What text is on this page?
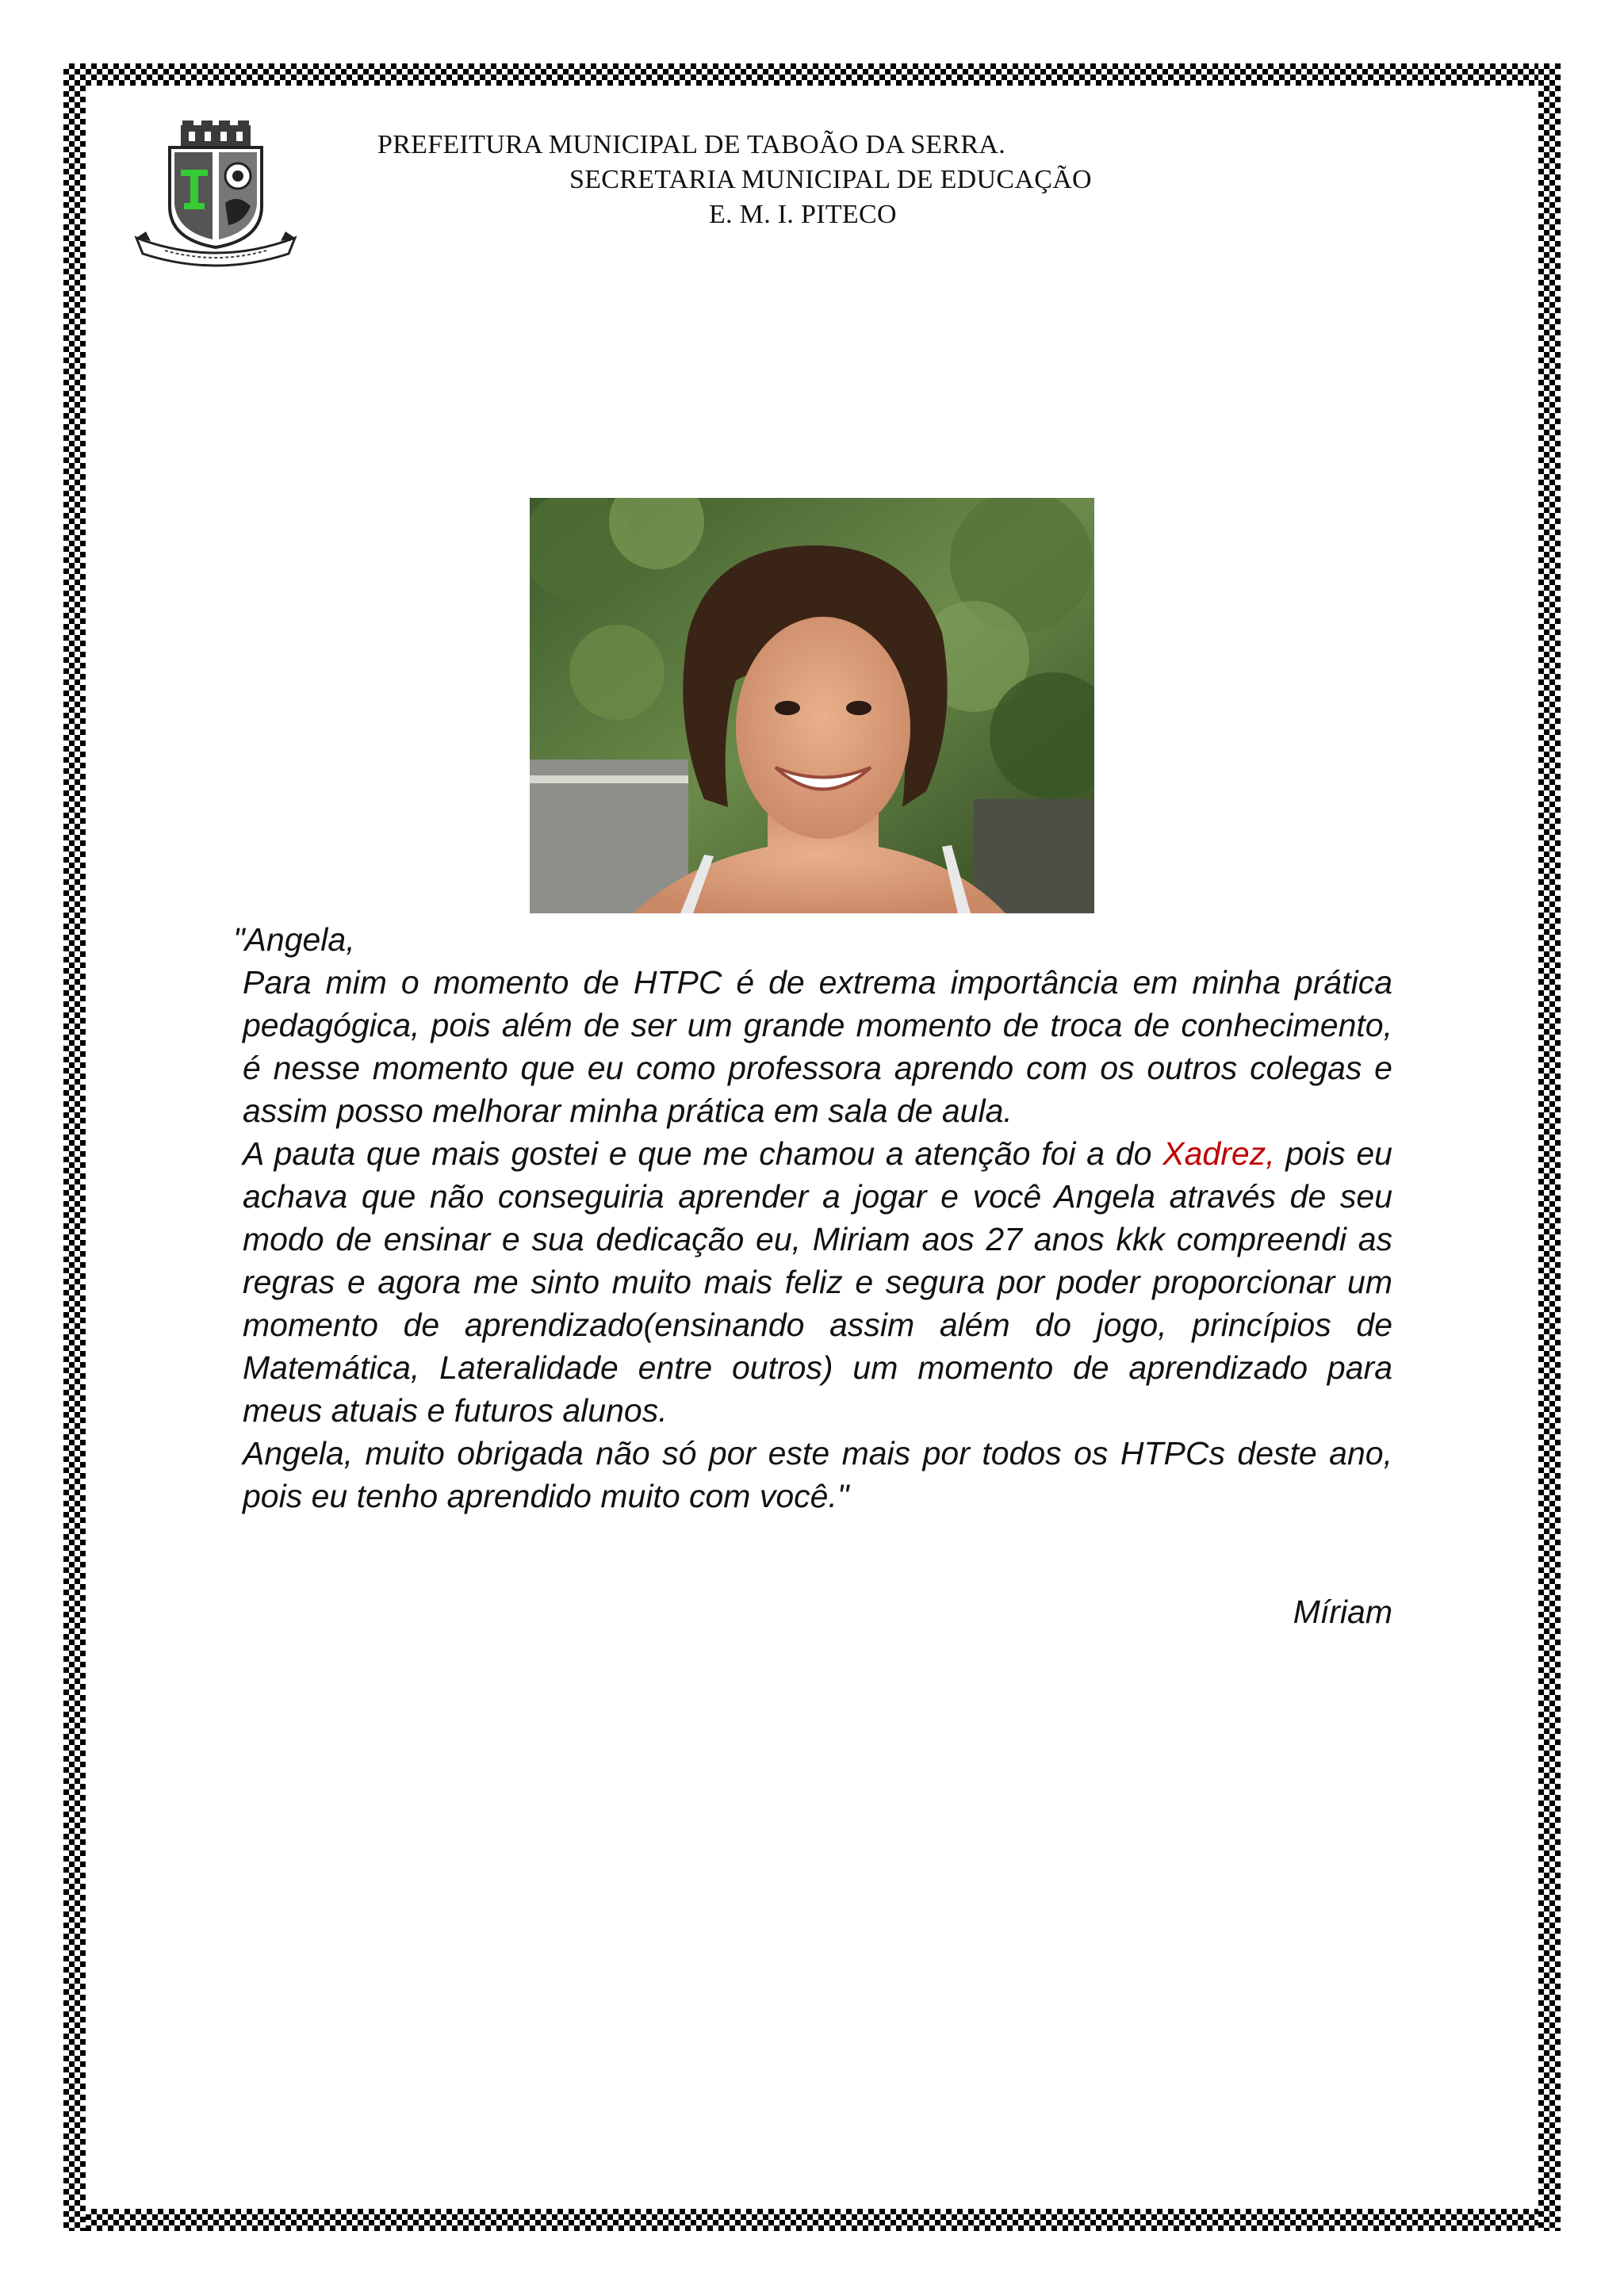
PREFEITURA MUNICIPAL DE TABOÃO DA SERRA.
SECRETARIA MUNICIPAL DE EDUCAÇÃO
E. M. I. PITECO

"Angela,

Para mim o momento de HTPC é de extrema importância em minha prática pedagógica, pois além de ser um grande momento de troca de conhecimento, é nesse momento que eu como professora aprendo com os outros colegas e assim posso melhorar minha prática em sala de aula.

A pauta que mais gostei e que me chamou a atenção foi a do Xadrez, pois eu achava que não conseguiria aprender a jogar e você Angela através de seu modo de ensinar e sua dedicação eu, Miriam aos 27 anos kkk compreendi as regras e agora me sinto muito mais feliz e segura por poder proporcionar um momento de aprendizado(ensinando assim além do jogo, princípios de Matemática, Lateralidade entre outros) um momento de aprendizado para meus atuais e futuros alunos.

Angela, muito obrigada não só por este mais por todos os HTPCs deste ano, pois eu tenho aprendido muito com você."

Míriam
